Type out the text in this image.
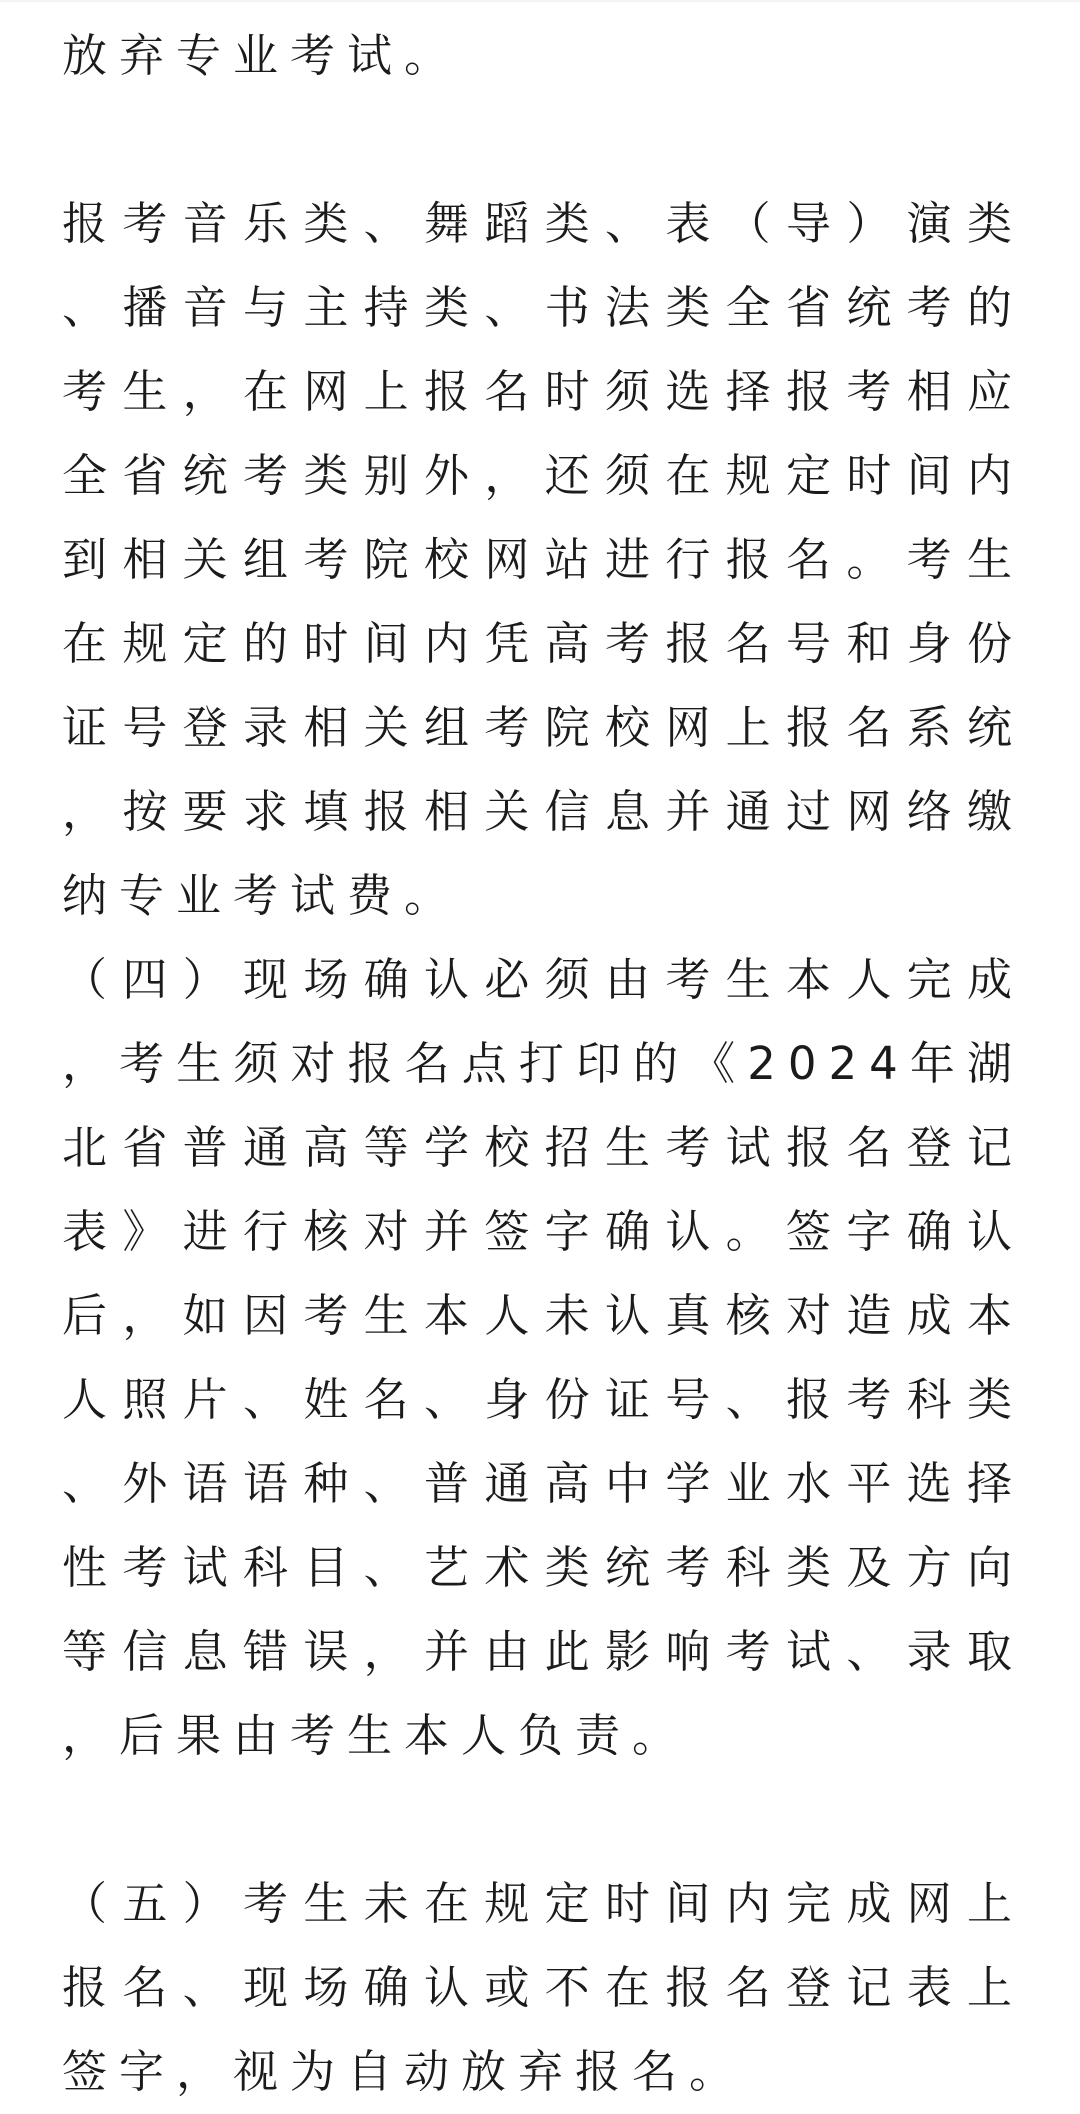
放弃专业考试。

报考音乐类、舞蹈类、表（导）演类、播音与主持类、书法类全省统考的考生，在网上报名时须选择报考相应全省统考类别外，还须在规定时间内到相关组考院校网站进行报名。考生在规定的时间内凭高考报名号和身份证号登录相关组考院校网上报名系统，按要求填报相关信息并通过网络缴纳专业考试费。

（四）现场确认必须由考生本人完成，考生须对报名点打印的《2024年湖北省普通高等学校招生考试报名登记表》进行核对并签字确认。签字确认后，如因考生本人未认真核对造成本人照片、姓名、身份证号、报考科类、外语语种、普通高中学业水平选择性考试科目、艺术类统考科类及方向等信息错误，并由此影响考试、录取，后果由考生本人负责。

（五）考生未在规定时间内完成网上报名、现场确认或不在报名登记表上签字，视为自动放弃报名。
